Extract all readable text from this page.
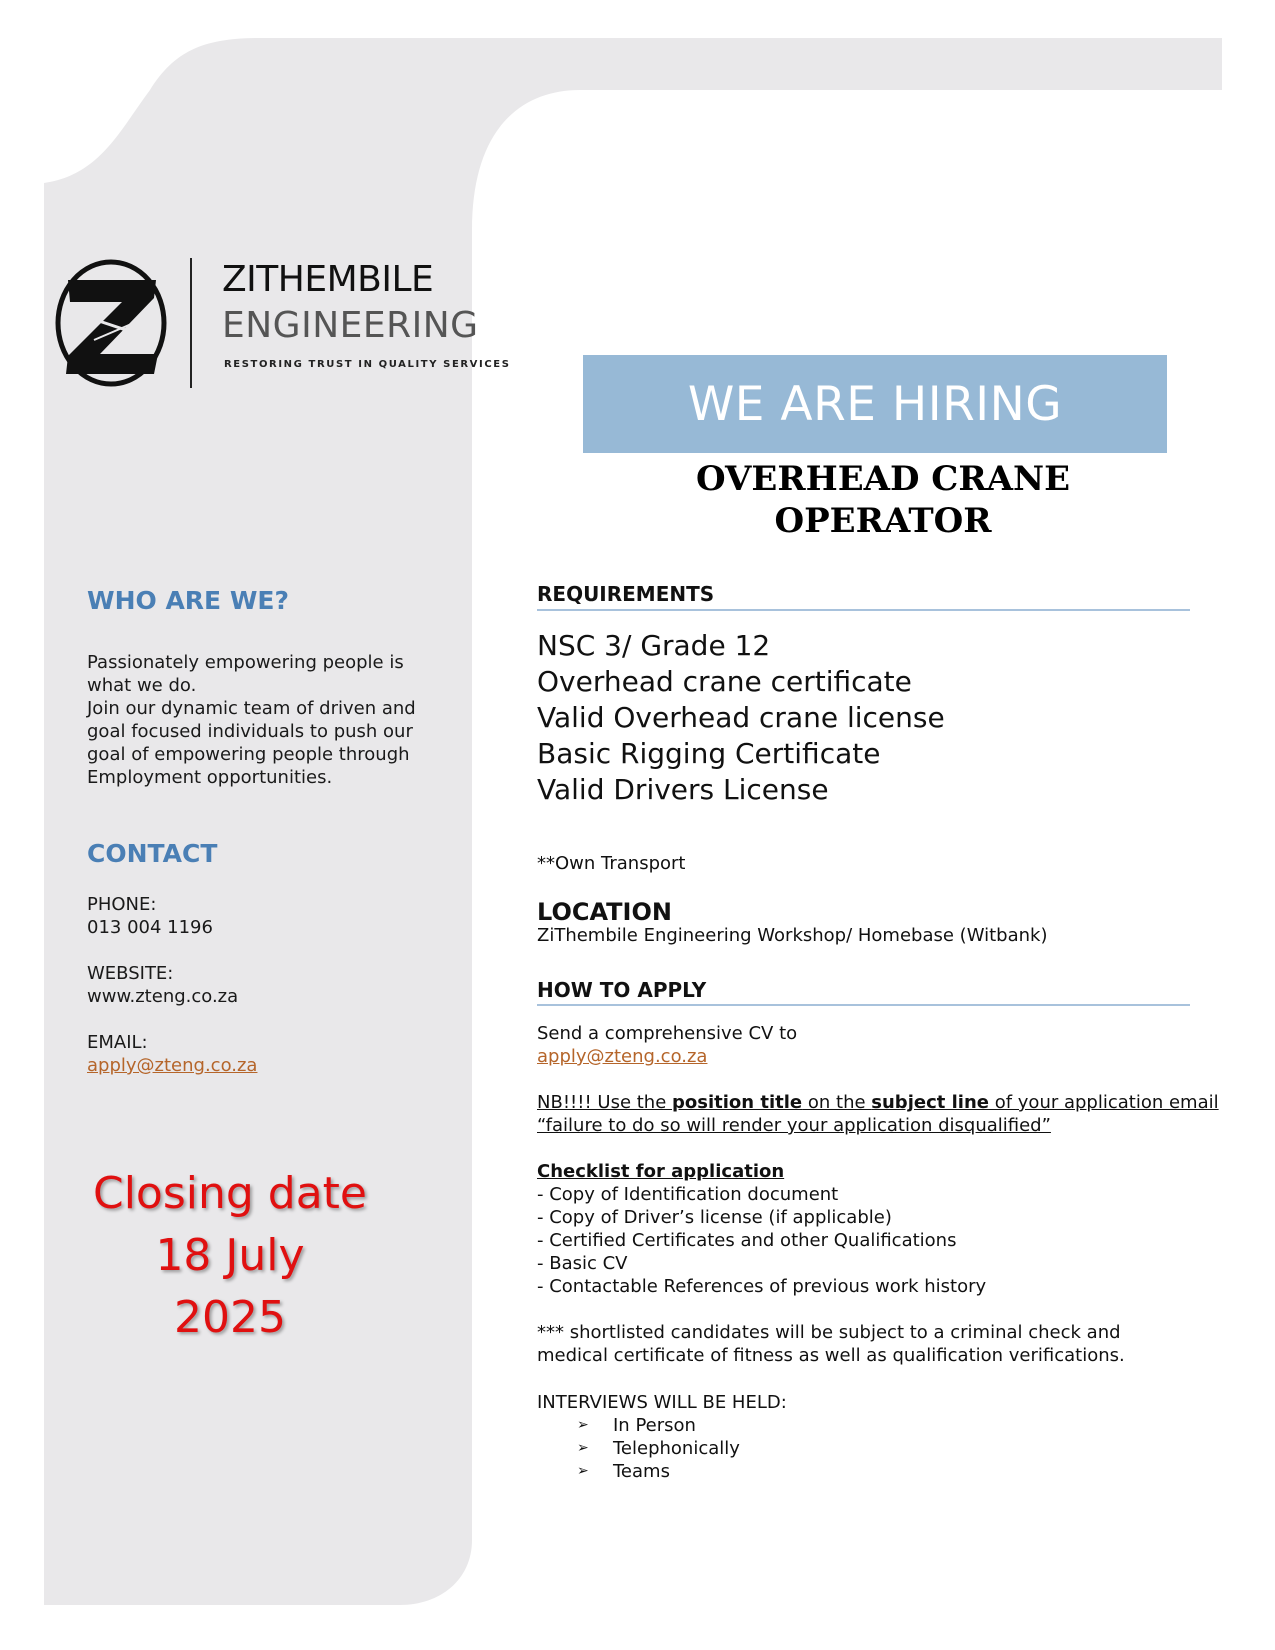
ZITHEMBILE
ENGINEERING
RESTORING TRUST IN QUALITY SERVICES
WHO ARE WE?
Passionately empowering people is
what we do.
Join our dynamic team of driven and
goal focused individuals to push our
goal of empowering people through
Employment opportunities.
CONTACT
PHONE:
013 004 1196
WEBSITE:
www.zteng.co.za
EMAIL:
apply@zteng.co.za
Closing date
18 July
2025
WE ARE HIRING
OVERHEAD CRANE
OPERATOR
REQUIREMENTS
NSC 3/ Grade 12
Overhead crane certificate
Valid Overhead crane license
Basic Rigging Certificate
Valid Drivers License
**Own Transport
LOCATION
ZiThembile Engineering Workshop/ Homebase (Witbank)
HOW TO APPLY
Send a comprehensive CV to
apply@zteng.co.za
NB!!!! Use the position title on the subject line of your application email
“failure to do so will render your application disqualified”
Checklist for application
- Copy of Identification document
- Copy of Driver’s license (if applicable)
- Certified Certificates and other Qualifications
- Basic CV
- Contactable References of previous work history
*** shortlisted candidates will be subject to a criminal check and
medical certificate of fitness as well as qualification verifications.
INTERVIEWS WILL BE HELD:
➢	In Person
➢	Telephonically
➢	Teams
